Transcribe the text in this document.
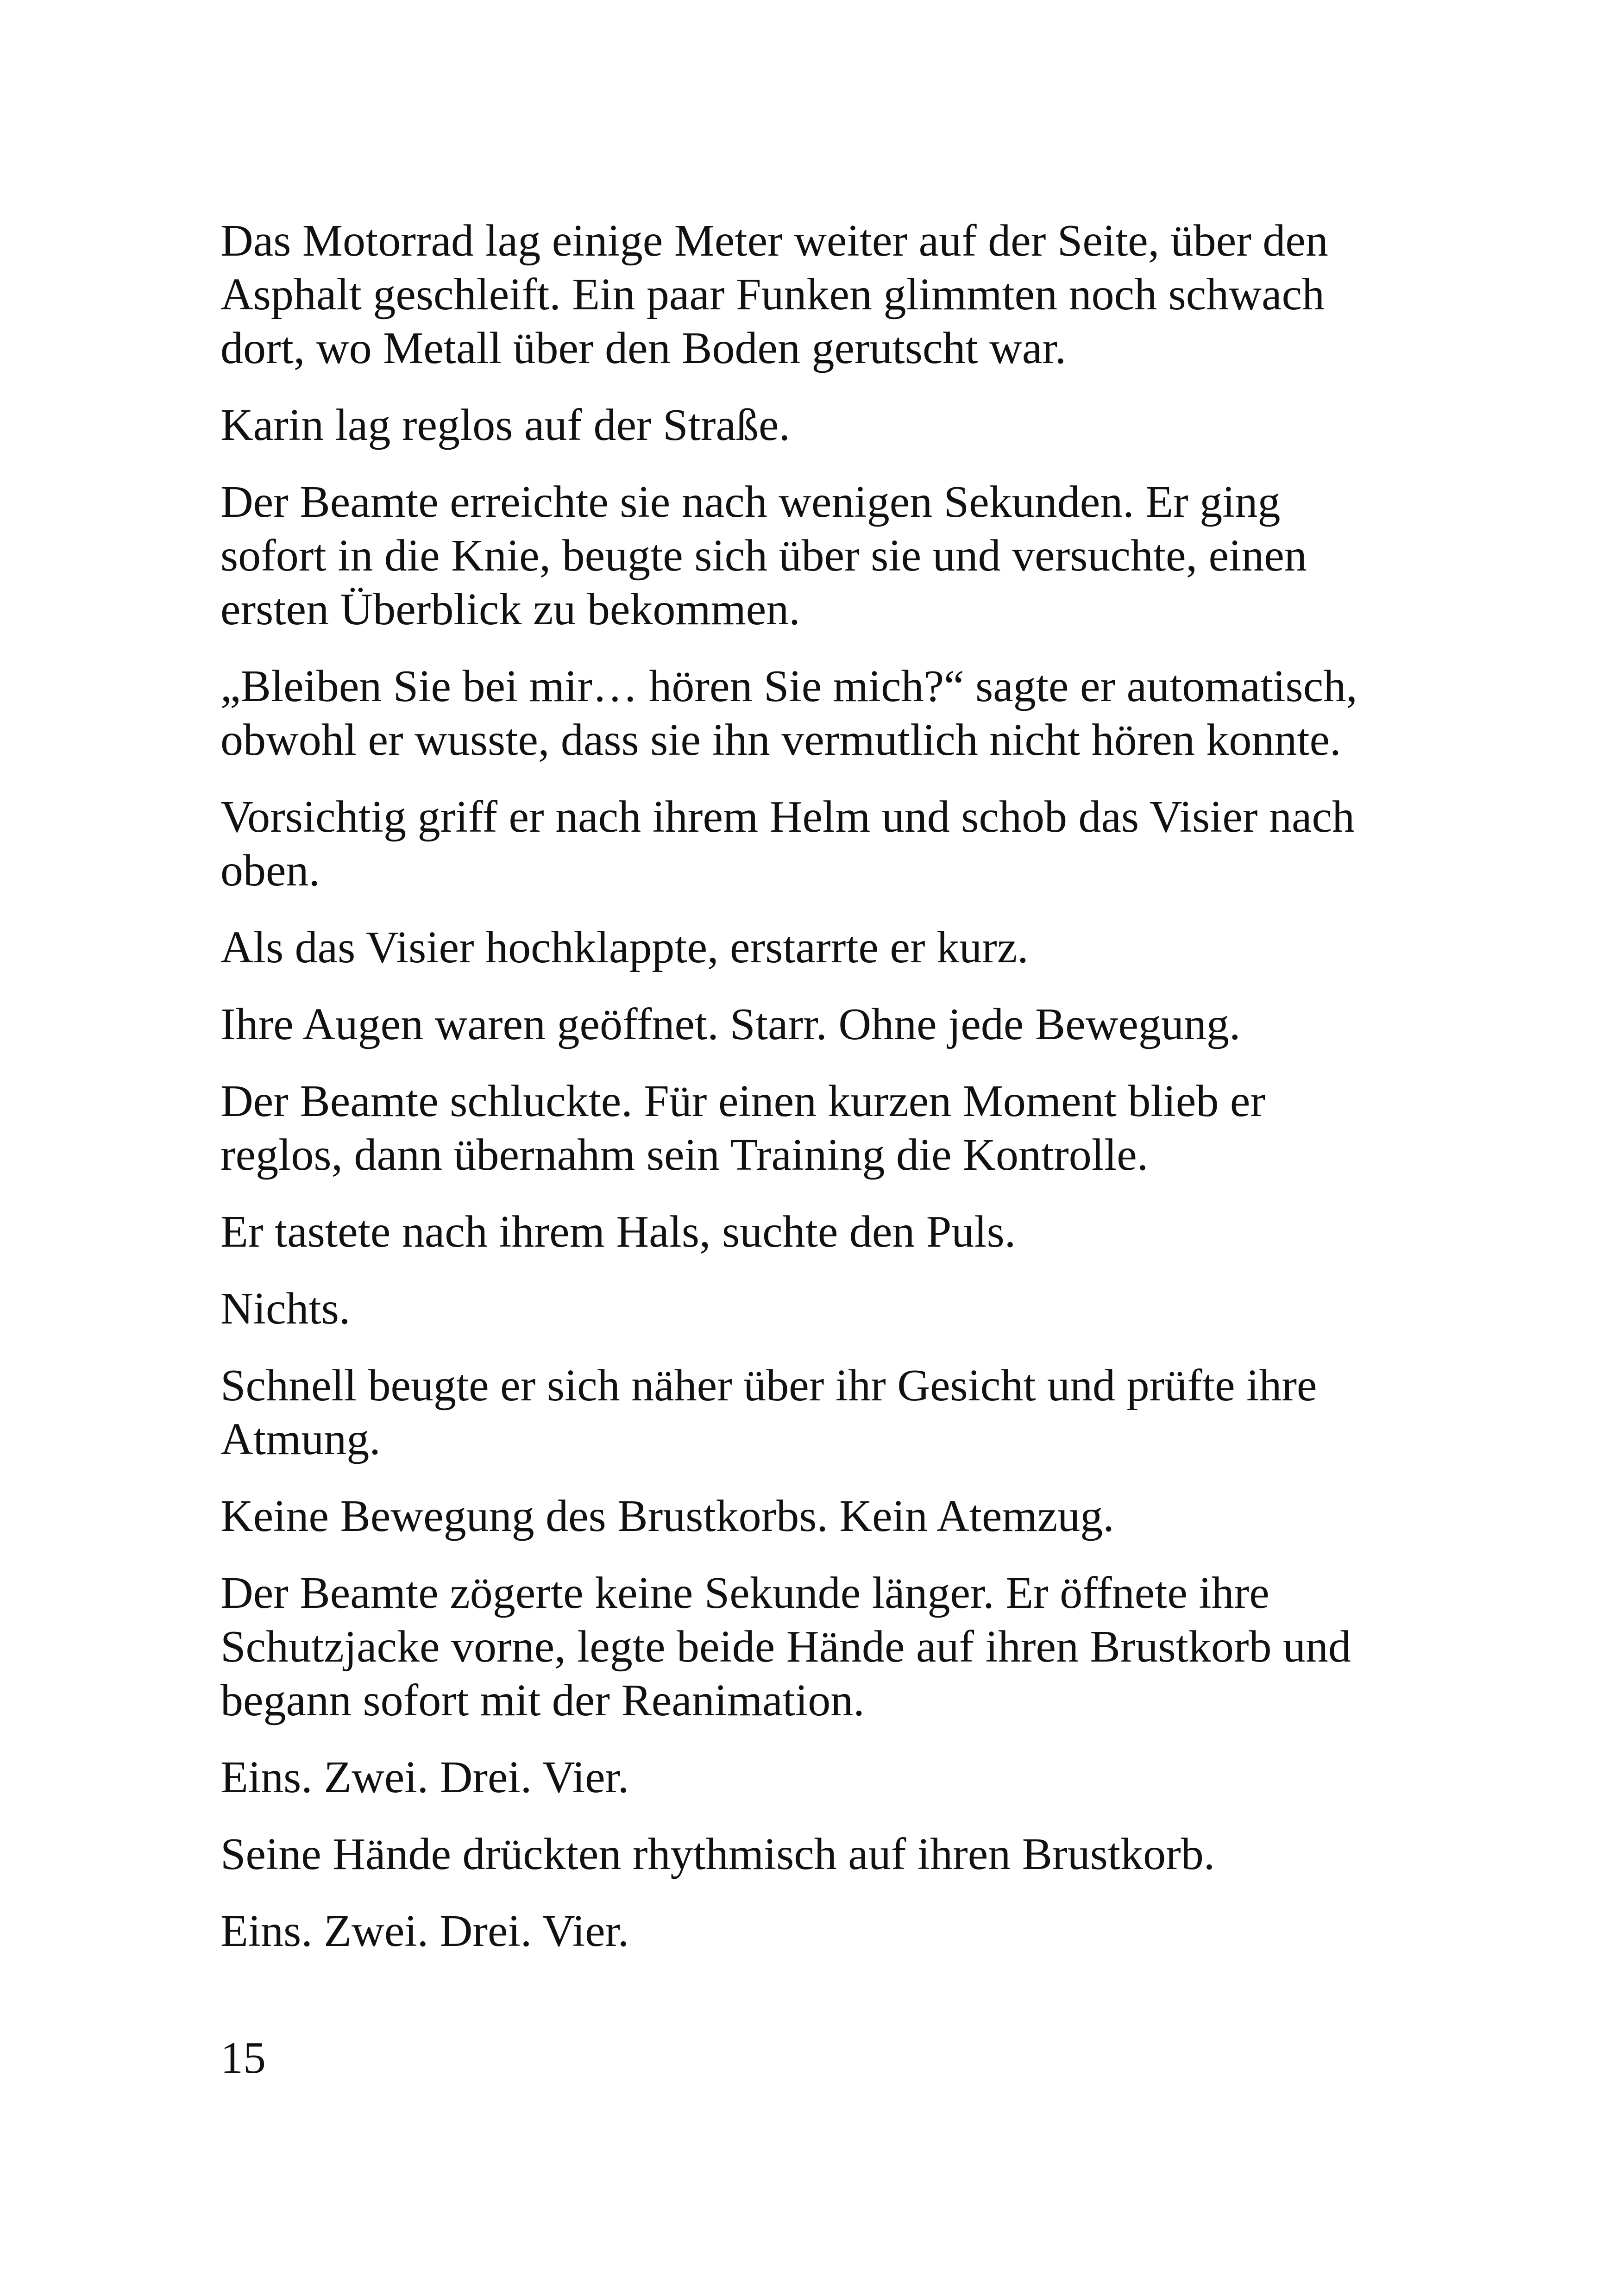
Das Motorrad lag einige Meter weiter auf der Seite, über den
Asphalt geschleift. Ein paar Funken glimmten noch schwach
dort, wo Metall über den Boden gerutscht war.

Karin lag reglos auf der Straße.

Der Beamte erreichte sie nach wenigen Sekunden. Er ging
sofort in die Knie, beugte sich über sie und versuchte, einen
ersten Überblick zu bekommen.

„Bleiben Sie bei mir… hören Sie mich?“ sagte er automatisch,
obwohl er wusste, dass sie ihn vermutlich nicht hören konnte.

Vorsichtig griff er nach ihrem Helm und schob das Visier nach
oben.

Als das Visier hochklappte, erstarrte er kurz.

Ihre Augen waren geöffnet. Starr. Ohne jede Bewegung.

Der Beamte schluckte. Für einen kurzen Moment blieb er
reglos, dann übernahm sein Training die Kontrolle.

Er tastete nach ihrem Hals, suchte den Puls.

Nichts.

Schnell beugte er sich näher über ihr Gesicht und prüfte ihre
Atmung.

Keine Bewegung des Brustkorbs. Kein Atemzug.

Der Beamte zögerte keine Sekunde länger. Er öffnete ihre
Schutzjacke vorne, legte beide Hände auf ihren Brustkorb und
begann sofort mit der Reanimation.

Eins. Zwei. Drei. Vier.

Seine Hände drückten rhythmisch auf ihren Brustkorb.

Eins. Zwei. Drei. Vier.

15
